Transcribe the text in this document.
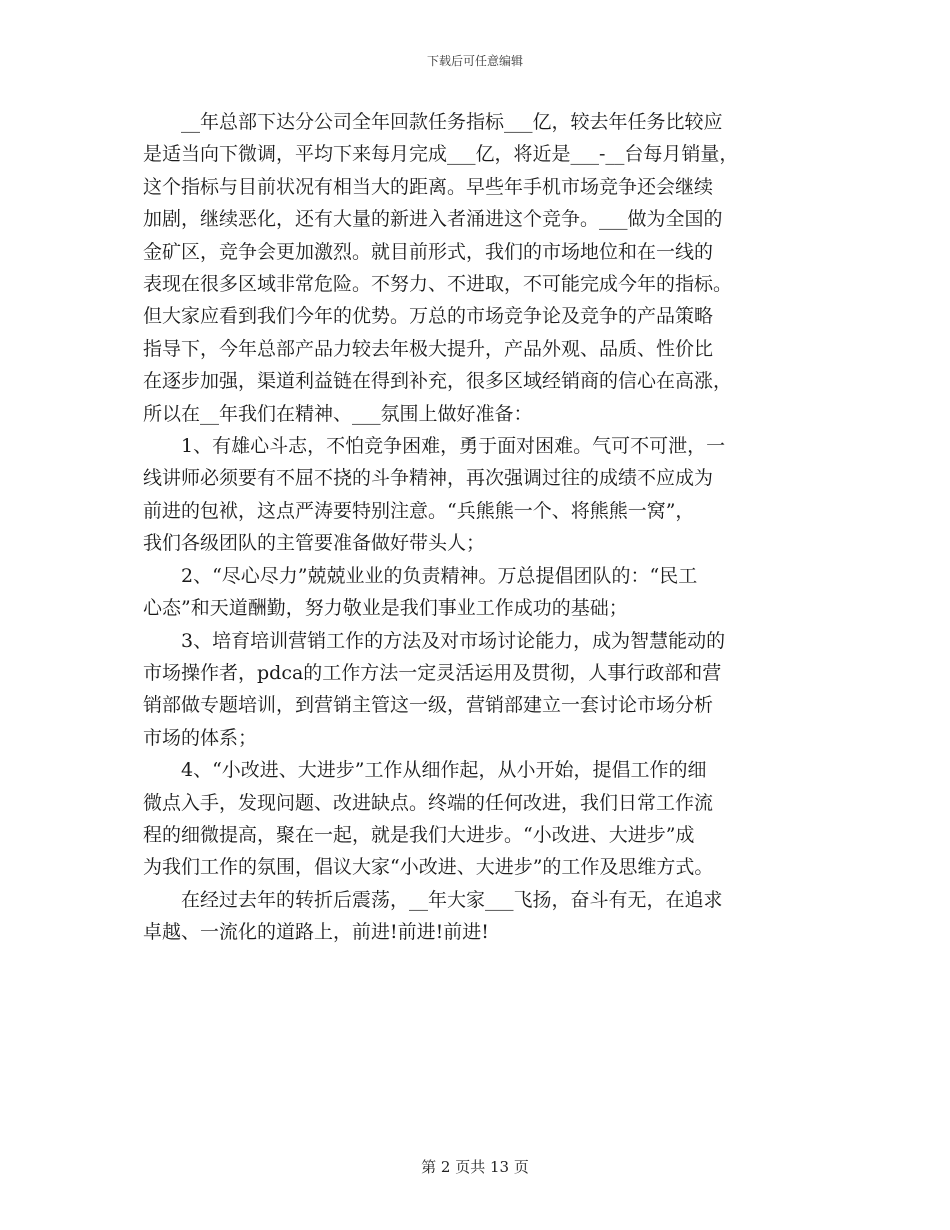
下载后可任意编辑

　　__年总部下达分公司全年回款任务指标___亿，较去年任务比较应

是适当向下微调，平均下来每月完成___亿，将近是___-__台每月销量，

这个指标与目前状况有相当大的距离。早些年手机市场竞争还会继续

加剧，继续恶化，还有大量的新进入者涌进这个竞争。___做为全国的

金矿区，竞争会更加激烈。就目前形式，我们的市场地位和在一线的

表现在很多区域非常危险。不努力、不进取，不可能完成今年的指标。

但大家应看到我们今年的优势。万总的市场竞争论及竞争的产品策略

指导下，今年总部产品力较去年极大提升，产品外观、品质、性价比

在逐步加强，渠道利益链在得到补充，很多区域经销商的信心在高涨，

所以在__年我们在精神、___氛围上做好准备：

　　1、有雄心斗志，不怕竞争困难，勇于面对困难。气可不可泄，一

线讲师必须要有不屈不挠的斗争精神，再次强调过往的成绩不应成为

前进的包袱，这点严涛要特别注意。“兵熊熊一个、将熊熊一窝”，

我们各级团队的主管要准备做好带头人；

　　2、“尽心尽力”兢兢业业的负责精神。万总提倡团队的：“民工

心态”和天道酬勤，努力敬业是我们事业工作成功的基础；

　　3、培育培训营销工作的方法及对市场讨论能力，成为智慧能动的

市场操作者，pdca的工作方法一定灵活运用及贯彻，人事行政部和营

销部做专题培训，到营销主管这一级，营销部建立一套讨论市场分析

市场的体系；

　　4、“小改进、大进步”工作从细作起，从小开始，提倡工作的细

微点入手，发现问题、改进缺点。终端的任何改进，我们日常工作流

程的细微提高，聚在一起，就是我们大进步。“小改进、大进步”成

为我们工作的氛围，倡议大家“小改进、大进步”的工作及思维方式。

　　在经过去年的转折后震荡，__年大家___飞扬，奋斗有无，在追求

卓越、一流化的道路上，前进!前进!前进!

第 2 页共 13 页
